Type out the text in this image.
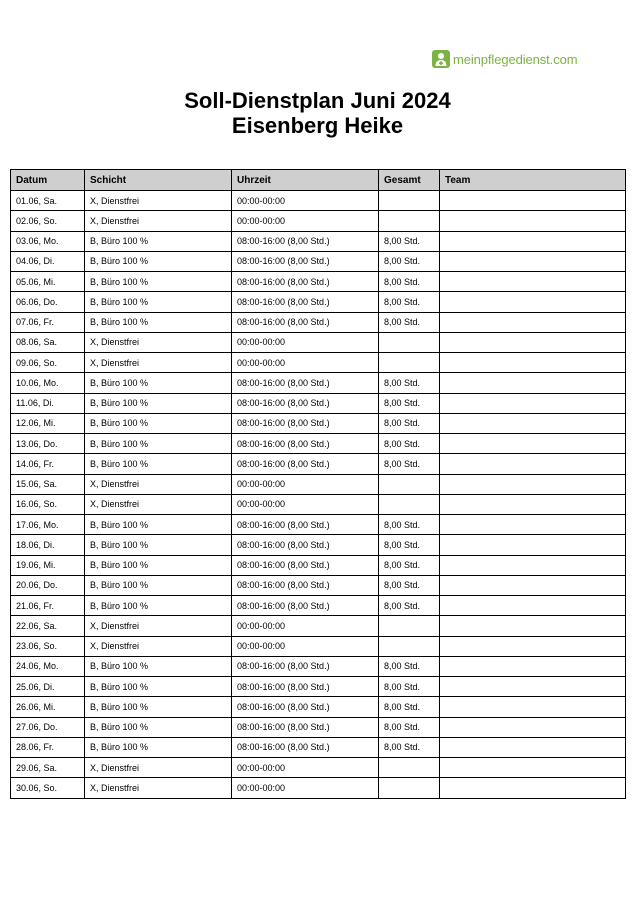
meinpflegedienst.com

Soll-Dienstplan Juni 2024

Eisenberg Heike

Datum	Schicht	Uhrzeit	Gesamt	Team
01.06, Sa.	X, Dienstfrei	00:00-00:00		
02.06, So.	X, Dienstfrei	00:00-00:00		
03.06, Mo.	B, Büro 100 %	08:00-16:00 (8,00 Std.)	8,00 Std.	
04.06, Di.	B, Büro 100 %	08:00-16:00 (8,00 Std.)	8,00 Std.	
05.06, Mi.	B, Büro 100 %	08:00-16:00 (8,00 Std.)	8,00 Std.	
06.06, Do.	B, Büro 100 %	08:00-16:00 (8,00 Std.)	8,00 Std.	
07.06, Fr.	B, Büro 100 %	08:00-16:00 (8,00 Std.)	8,00 Std.	
08.06, Sa.	X, Dienstfrei	00:00-00:00		
09.06, So.	X, Dienstfrei	00:00-00:00		
10.06, Mo.	B, Büro 100 %	08:00-16:00 (8,00 Std.)	8,00 Std.	
11.06, Di.	B, Büro 100 %	08:00-16:00 (8,00 Std.)	8,00 Std.	
12.06, Mi.	B, Büro 100 %	08:00-16:00 (8,00 Std.)	8,00 Std.	
13.06, Do.	B, Büro 100 %	08:00-16:00 (8,00 Std.)	8,00 Std.	
14.06, Fr.	B, Büro 100 %	08:00-16:00 (8,00 Std.)	8,00 Std.	
15.06, Sa.	X, Dienstfrei	00:00-00:00		
16.06, So.	X, Dienstfrei	00:00-00:00		
17.06, Mo.	B, Büro 100 %	08:00-16:00 (8,00 Std.)	8,00 Std.	
18.06, Di.	B, Büro 100 %	08:00-16:00 (8,00 Std.)	8,00 Std.	
19.06, Mi.	B, Büro 100 %	08:00-16:00 (8,00 Std.)	8,00 Std.	
20.06, Do.	B, Büro 100 %	08:00-16:00 (8,00 Std.)	8,00 Std.	
21.06, Fr.	B, Büro 100 %	08:00-16:00 (8,00 Std.)	8,00 Std.	
22.06, Sa.	X, Dienstfrei	00:00-00:00		
23.06, So.	X, Dienstfrei	00:00-00:00		
24.06, Mo.	B, Büro 100 %	08:00-16:00 (8,00 Std.)	8,00 Std.	
25.06, Di.	B, Büro 100 %	08:00-16:00 (8,00 Std.)	8,00 Std.	
26.06, Mi.	B, Büro 100 %	08:00-16:00 (8,00 Std.)	8,00 Std.	
27.06, Do.	B, Büro 100 %	08:00-16:00 (8,00 Std.)	8,00 Std.	
28.06, Fr.	B, Büro 100 %	08:00-16:00 (8,00 Std.)	8,00 Std.	
29.06, Sa.	X, Dienstfrei	00:00-00:00		
30.06, So.	X, Dienstfrei	00:00-00:00		
